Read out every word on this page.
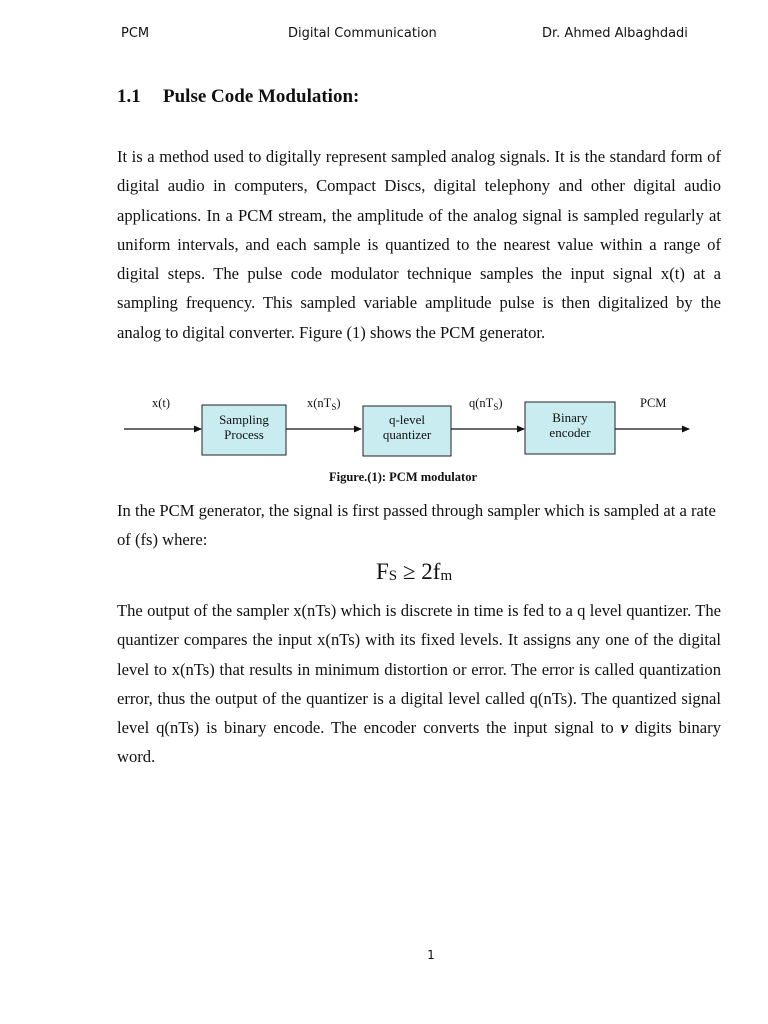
PCM	Digital Communication	Dr. Ahmed Albaghdadi
1.1 Pulse Code Modulation:

It is a method used to digitally represent sampled analog signals. It is the standard form of digital audio in computers, Compact Discs, digital telephony and other digital audio applications. In a PCM stream, the amplitude of the analog signal is sampled regularly at uniform intervals, and each sample is quantized to the nearest value within a range of digital steps. The pulse code modulator technique samples the input signal x(t) at a sampling frequency. This sampled variable amplitude pulse is then digitalized by the analog to digital converter. Figure (1) shows the PCM generator.

Sampling
Process
q-level
quantizer
Binary
encoder
x(t)	$x(nT_S)$	$q(nT_S)$	PCM
Figure.(1): PCM modulator

In the PCM generator, the signal is first passed through sampler which is sampled at a rate of (fs) where:

$F_S \ge 2f_m$

The output of the sampler x(nTs) which is discrete in time is fed to a q level quantizer. The quantizer compares the input x(nTs) with its fixed levels. It assigns any one of the digital level to x(nTs) that results in minimum distortion or error. The error is called quantization error, thus the output of the quantizer is a digital level called q(nTs). The quantized signal level q(nTs) is binary encode. The encoder converts the input signal to v digits binary word.

1
